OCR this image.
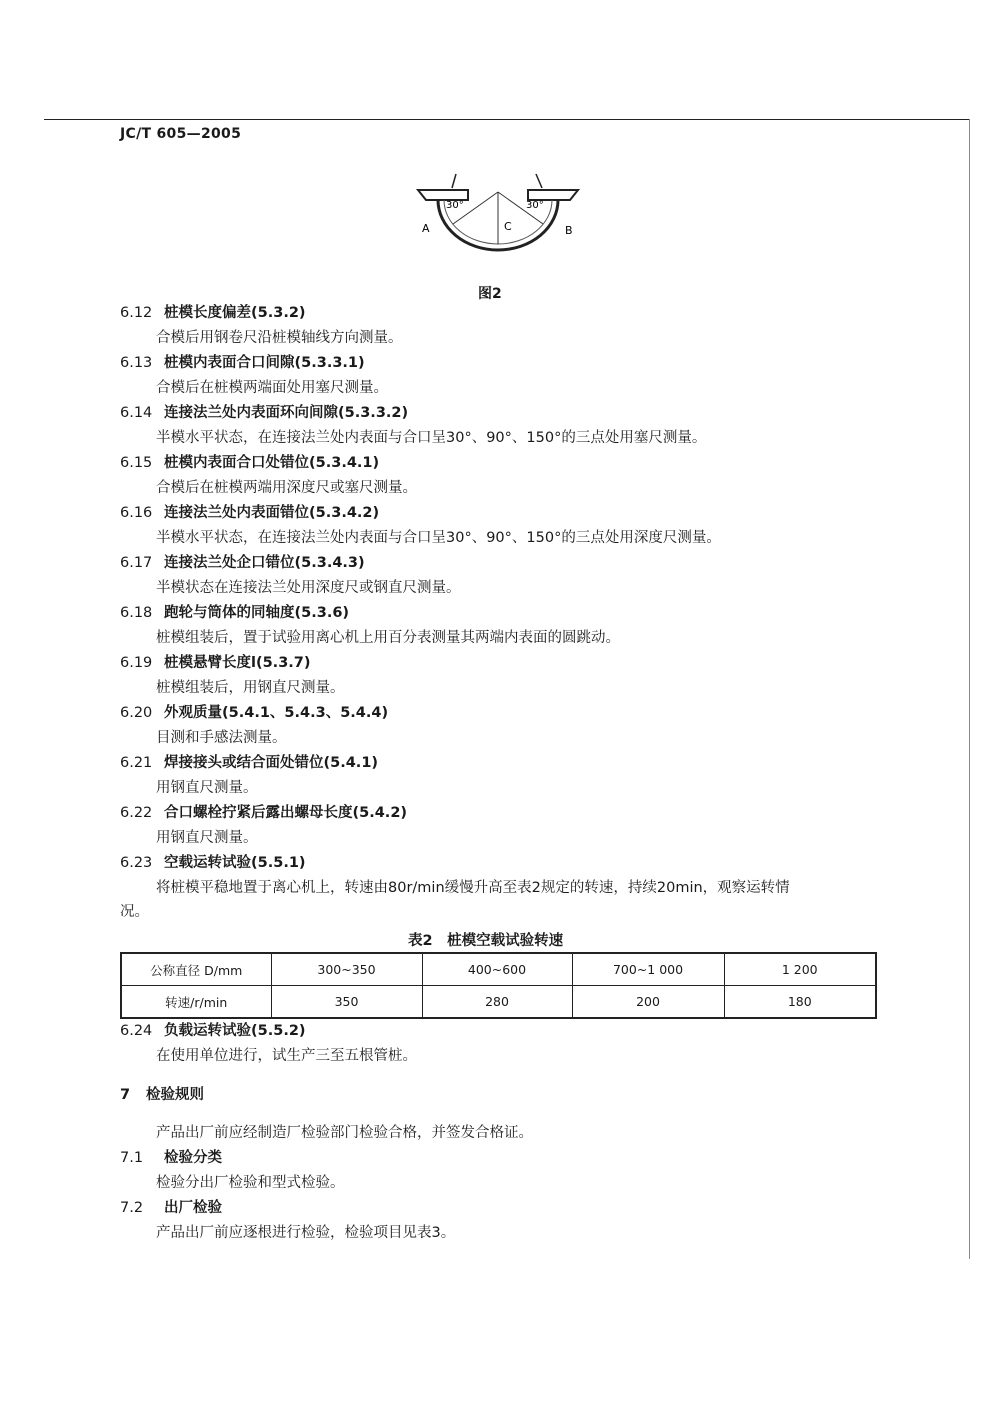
JC/T 605—2005
30°	30°
A	B
C
图2
6.12 桩模长度偏差(5.3.2)
合模后用钢卷尺沿桩模轴线方向测量。
6.13 桩模内表面合口间隙(5.3.3.1)
合模后在桩模两端面处用塞尺测量。
6.14 连接法兰处内表面环向间隙(5.3.3.2)
半模水平状态，在连接法兰处内表面与合口呈30°、90°、150°的三点处用塞尺测量。
6.15 桩模内表面合口处错位(5.3.4.1)
合模后在桩模两端用深度尺或塞尺测量。
6.16 连接法兰处内表面错位(5.3.4.2)
半模水平状态，在连接法兰处内表面与合口呈30°、90°、150°的三点处用深度尺测量。
6.17 连接法兰处企口错位(5.3.4.3)
半模状态在连接法兰处用深度尺或钢直尺测量。
6.18 跑轮与筒体的同轴度(5.3.6)
桩模组装后，置于试验用离心机上用百分表测量其两端内表面的圆跳动。
6.19 桩模悬臂长度l(5.3.7)
桩模组装后，用钢直尺测量。
6.20 外观质量(5.4.1、5.4.3、5.4.4)
目测和手感法测量。
6.21 焊接接头或结合面处错位(5.4.1)
用钢直尺测量。
6.22 合口螺栓拧紧后露出螺母长度(5.4.2)
用钢直尺测量。
6.23 空载运转试验(5.5.1)
将桩模平稳地置于离心机上，转速由80r/min缓慢升高至表2规定的转速，持续20min，观察运转情
况。
表2　桩模空载试验转速
公称直径 D/mm	300~350	400~600	700~1 000	1 200
转速/r/min	350	280	200	180
6.24 负载运转试验(5.5.2)
在使用单位进行，试生产三至五根管桩。
7 检验规则
产品出厂前应经制造厂检验部门检验合格，并签发合格证。
7.1 检验分类
检验分出厂检验和型式检验。
7.2 出厂检验
产品出厂前应逐根进行检验，检验项目见表3。
